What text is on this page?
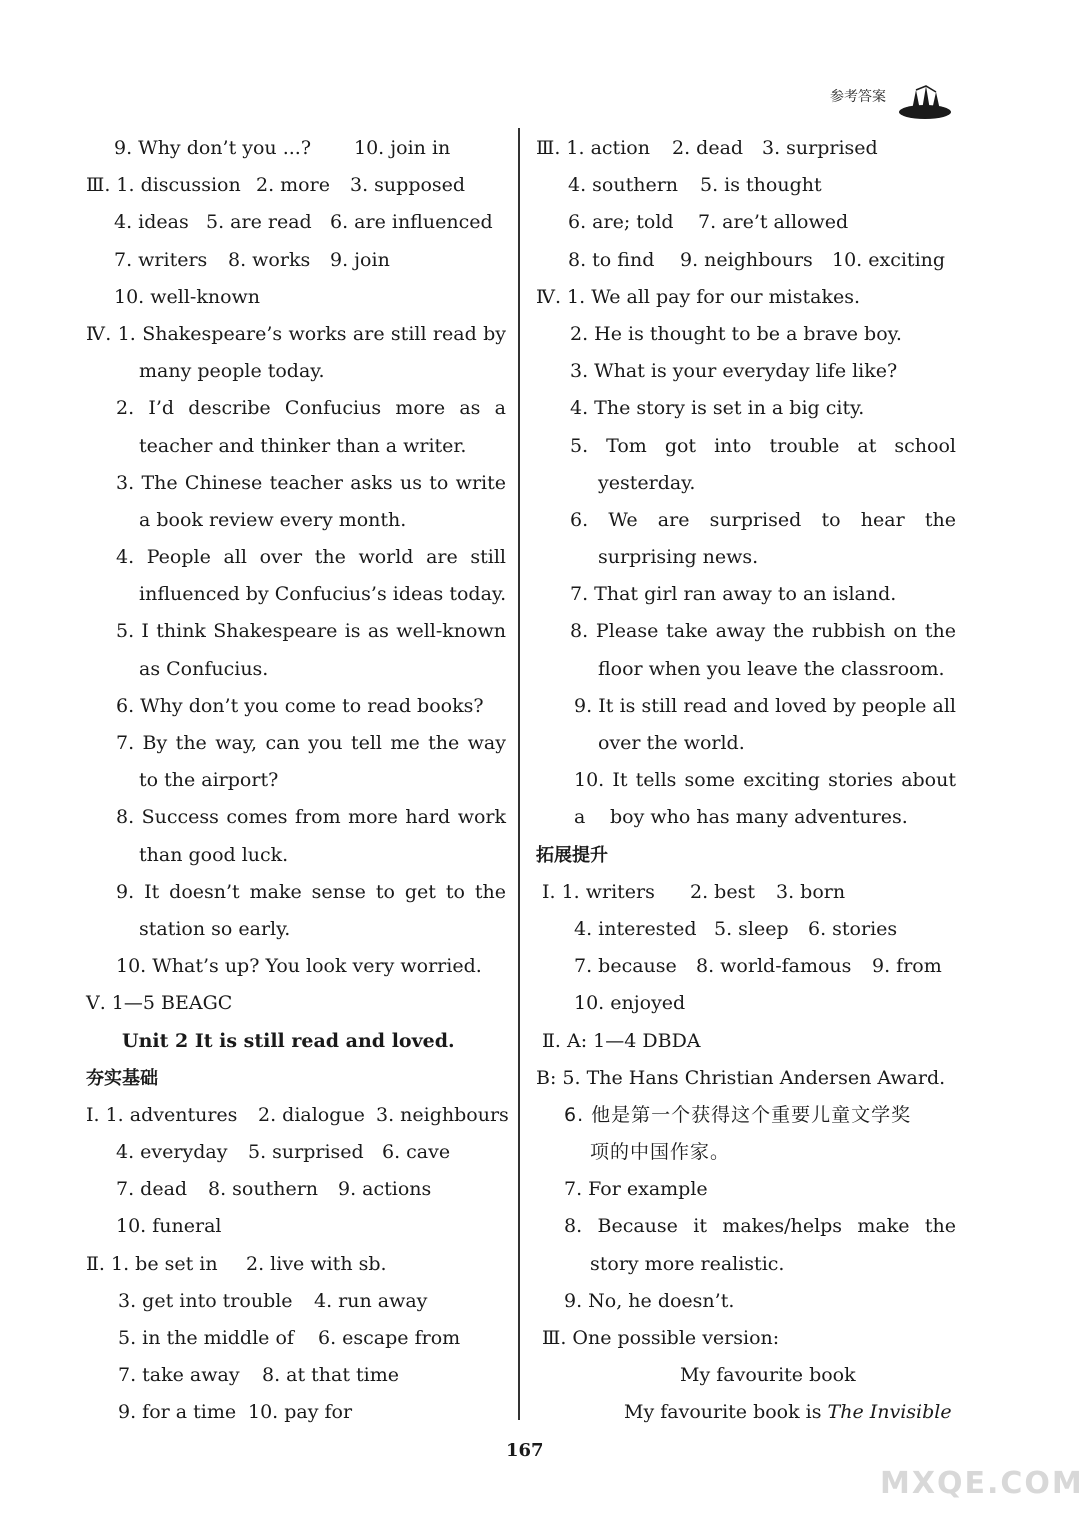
参考答案
9. Why don’t you ...? 10. join in
Ⅲ. 1. discussion 2. more 3. supposed
4. ideas 5. are read 6. are influenced
7. writers 8. works 9. join
10. well-known
Ⅳ. 1. Shakespeare’s works are still read by
many people today.
2. I’d describe Confucius more as a
teacher and thinker than a writer.
3. The Chinese teacher asks us to write
a book review every month.
4. People all over the world are still
influenced by Confucius’s ideas today.
5. I think Shakespeare is as well-known
as Confucius.
6. Why don’t you come to read books?
7. By the way, can you tell me the way
to the airport?
8. Success comes from more hard work
than good luck.
9. It doesn’t make sense to get to the
station so early.
10. What’s up? You look very worried.
Ⅴ. 1—5 BEAGC
Unit 2 It is still read and loved.
夯实基础
Ⅰ. 1. adventures 2. dialogue 3. neighbours
4. everyday 5. surprised 6. cave
7. dead 8. southern 9. actions
10. funeral
Ⅱ. 1. be set in 2. live with sb.
3. get into trouble 4. run away
5. in the middle of 6. escape from
7. take away 8. at that time
9. for a time 10. pay for
Ⅲ. 1. action 2. dead 3. surprised
4. southern 5. is thought
6. are; told 7. are’t allowed
8. to find 9. neighbours 10. exciting
Ⅳ. 1. We all pay for our mistakes.
2. He is thought to be a brave boy.
3. What is your everyday life like?
4. The story is set in a big city.
5. Tom got into trouble at school
yesterday.
6. We are surprised to hear the
surprising news.
7. That girl ran away to an island.
8. Please take away the rubbish on the
floor when you leave the classroom.
9. It is still read and loved by people all
over the world.
10. It tells some exciting stories about a	boy who has many adventures.
拓展提升
Ⅰ. 1. writers 2. best 3. born
4. interested 5. sleep 6. stories
7. because 8. world-famous 9. from
10. enjoyed
Ⅱ. A: 1—4 DBDA
B: 5. The Hans Christian Andersen Award.
6. 他是第一个获得这个重要儿童文学奖
项的中国作家。
7. For example
8. Because it makes/helps make the
story more realistic.
9. No, he doesn’t.
Ⅲ. One possible version:
My favourite book
My favourite book is The Invisible
167
MXQE.COM
